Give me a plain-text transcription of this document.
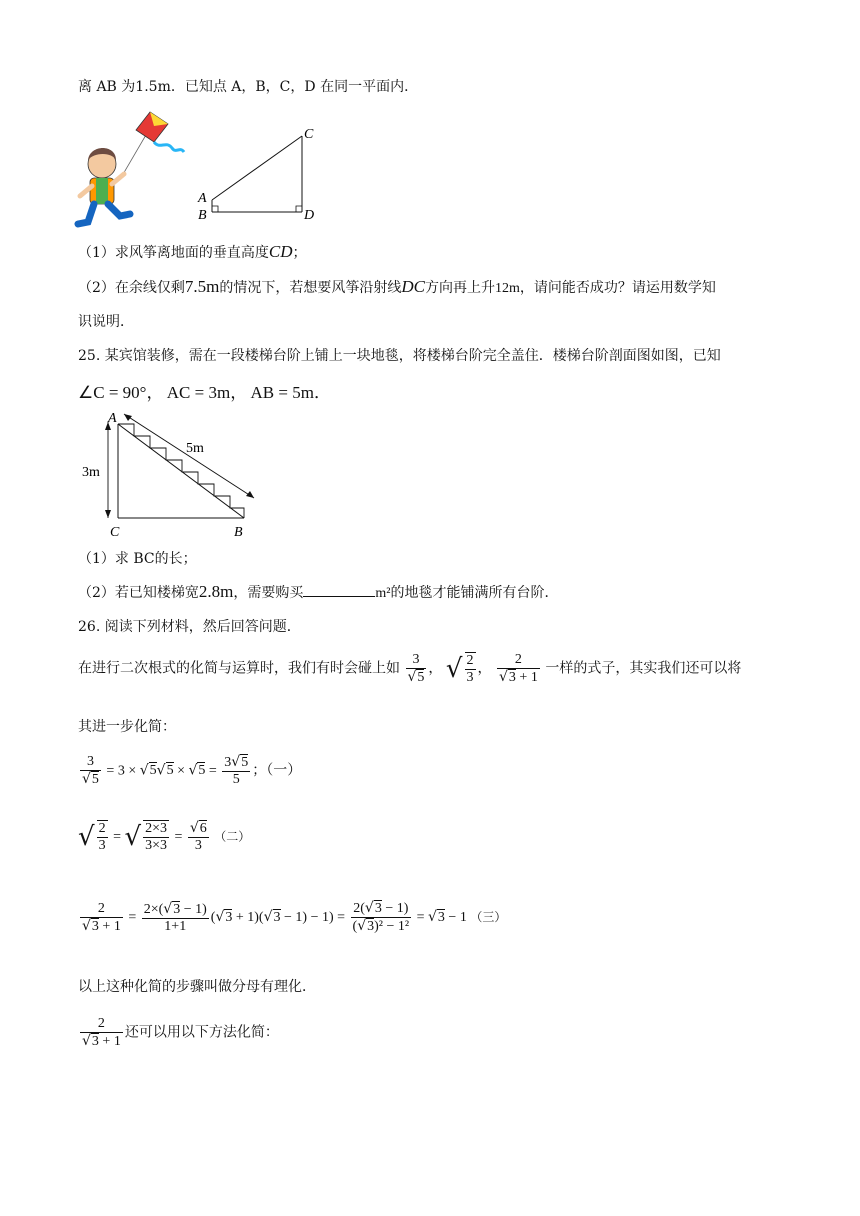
离 AB 为1.5m．已知点 A，B，C，D 在同一平面内．
A
B
C
D
（1）求风筝离地面的垂直高度CD；
（2）在余线仅剩7.5m的情况下，若想要风筝沿射线DC方向再上升12m，请问能否成功？请运用数学知
识说明．
25. 某宾馆装修，需在一段楼梯台阶上铺上一块地毯，将楼梯台阶完全盖住．楼梯台阶剖面图如图，已知
∠C = 90°， AC = 3m， AB = 5m．
A
B
C
3m
5m
（1）求 BC的长；
（2）若已知楼梯宽2.8m，需要购买	m²的地毯才能铺满所有台阶．
26. 阅读下列材料，然后回答问题．
在进行二次根式的化简与运算时，我们有时会碰上如 $\frac{3}{√5}$ ， √ $\frac{2}{3}$ ， $\frac{2}{√3 + 1}$ 一样的式子，其实我们还可以将
其进一步化简：
$\frac{3}{√5} = 3 \times √5√5 \times √5 = \frac{3√5}{5}$ ；（一）
√ $\frac{2}{3}$ = √ $\frac{2\times 3}{3\times 3} = \frac{√6}{3}$ （二）
$\frac{2}{√3 + 1} = \frac{2\times(√3 - 1)}{1+1} (√3 + 1)(√3 - 1) - 1) = \frac{2(√3 - 1)}{\text{(√3)² − 1²}} = √3 - 1$ （三）
以上这种化简的步骤叫做分母有理化．
$\frac{2}{√3 + 1}$ 还可以用以下方法化简：
